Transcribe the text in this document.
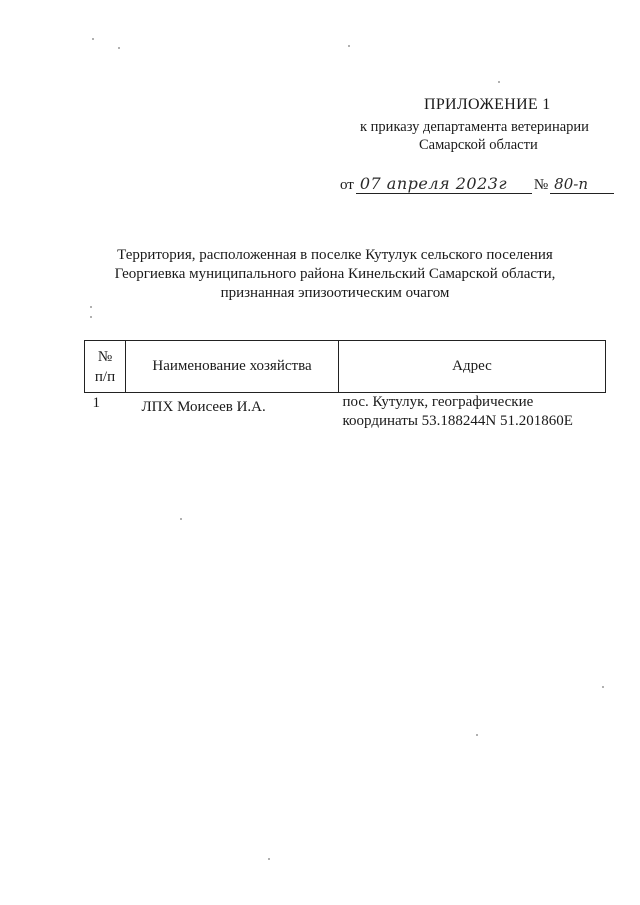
ПРИЛОЖЕНИЕ 1
к приказу департамента ветеринарии
Самарской области
от 07 апреля 2023г	№ 80-п
Территория, расположенная в поселке Кутулук сельского поселения
Георгиевка муниципального района Кинельский Самарской области,
признанная эпизоотическим очагом
№
п/п	Наименование хозяйства	Адрес
1	ЛПХ Моисеев И.А.	пос. Кутулук, географические
координаты 53.188244N 51.201860E
